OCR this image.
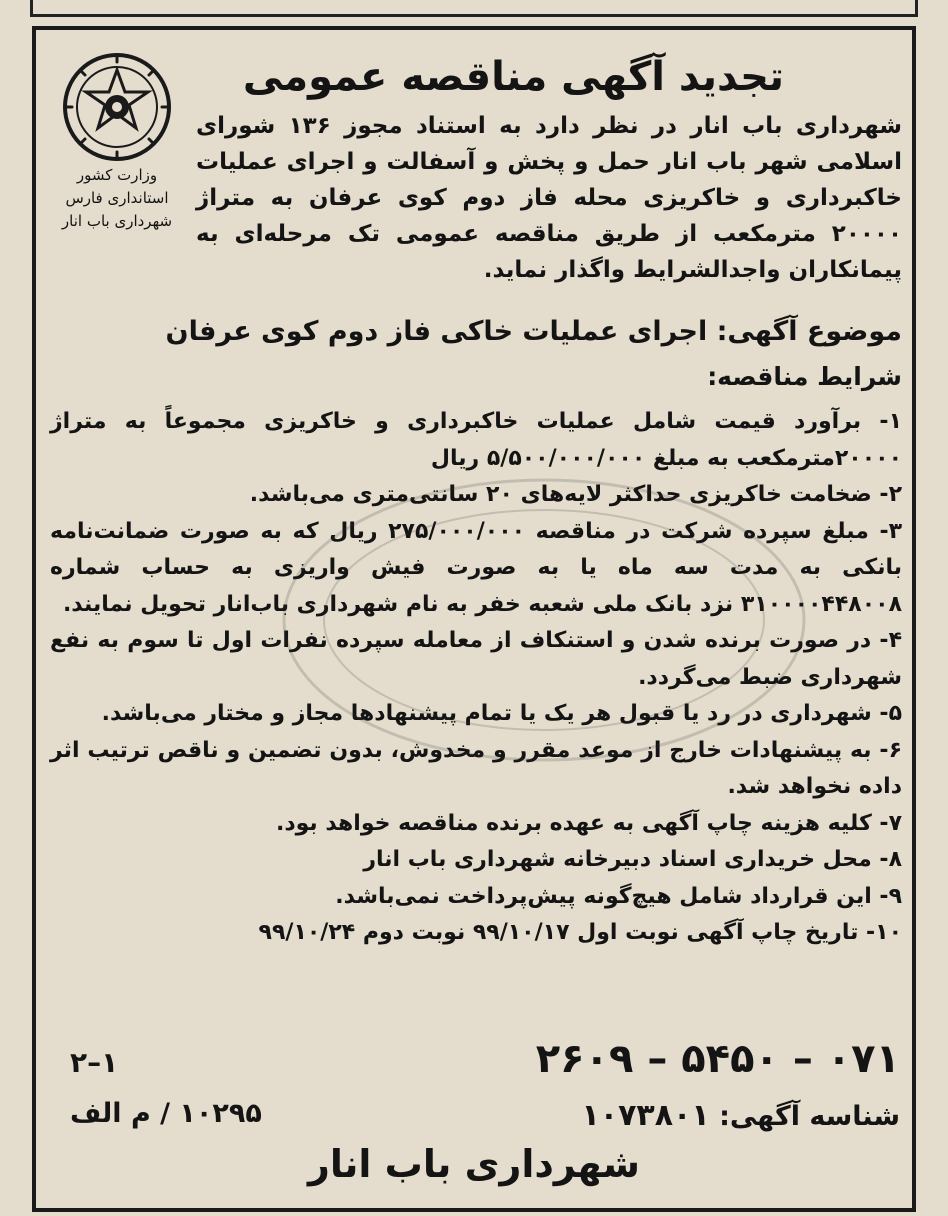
تجدید آگهی مناقصه عمومی
وزارت کشور
استانداری فارس
شهرداری باب انار
شهرداری باب انار در نظر دارد به استناد مجوز ۱۳۶ شورای اسلامی شهر باب انار حمل و پخش و آسفالت و اجرای عملیات خاکبرداری و خاکریزی محله فاز دوم کوی عرفان به متراژ ۲۰۰۰۰ مترمکعب از طریق مناقصه عمومی تک مرحله‌ای به پیمانکاران واجدالشرایط واگذار نماید.
موضوع آگهی: اجرای عملیات خاکی فاز دوم کوی عرفان
شرایط مناقصه:
۱- برآورد قیمت شامل عملیات خاکبرداری و خاکریزی مجموعاً به متراژ ۲۰۰۰۰مترمکعب به مبلغ ۵/۵۰۰/۰۰۰/۰۰۰ ریال
۲- ضخامت خاکریزی حداکثر لایه‌های ۲۰ سانتی‌متری می‌باشد.
۳- مبلغ سپرده شرکت در مناقصه ۲۷۵/۰۰۰/۰۰۰ ریال که به صورت ضمانت‌نامه بانکی به مدت سه ماه یا به صورت فیش واریزی به حساب شماره ۳۱۰۰۰۰۴۴۸۰۰۸ نزد بانک ملی شعبه خفر به نام شهرداری باب‌انار تحویل نمایند.
۴- در صورت برنده شدن و استنکاف از معامله سپرده نفرات اول تا سوم به نفع شهرداری ضبط می‌گردد.
۵- شهرداری در رد یا قبول هر یک یا تمام پیشنهادها مجاز و مختار می‌باشد.
۶- به پیشنهادات خارج از موعد مقرر و مخدوش، بدون تضمین و ناقص ترتیب اثر داده نخواهد شد.
۷- کلیه هزینه چاپ آگهی به عهده برنده مناقصه خواهد بود.
۸- محل خریداری اسناد دبیرخانه شهرداری باب انار
۹- این قرارداد شامل هیچ‌گونه پیش‌پرداخت نمی‌باشد.
۱۰- تاریخ چاپ آگهی نوبت اول ۹۹/۱۰/۱۷ نوبت دوم ۹۹/۱۰/۲۴
۲۶۰۹ – ۵۴۵۰ – ۰۷۱
۲–۱
شناسه آگهی: ۱۰۷۳۸۰۱
۱۰۲۹۵ / م الف
شهرداری باب انار
